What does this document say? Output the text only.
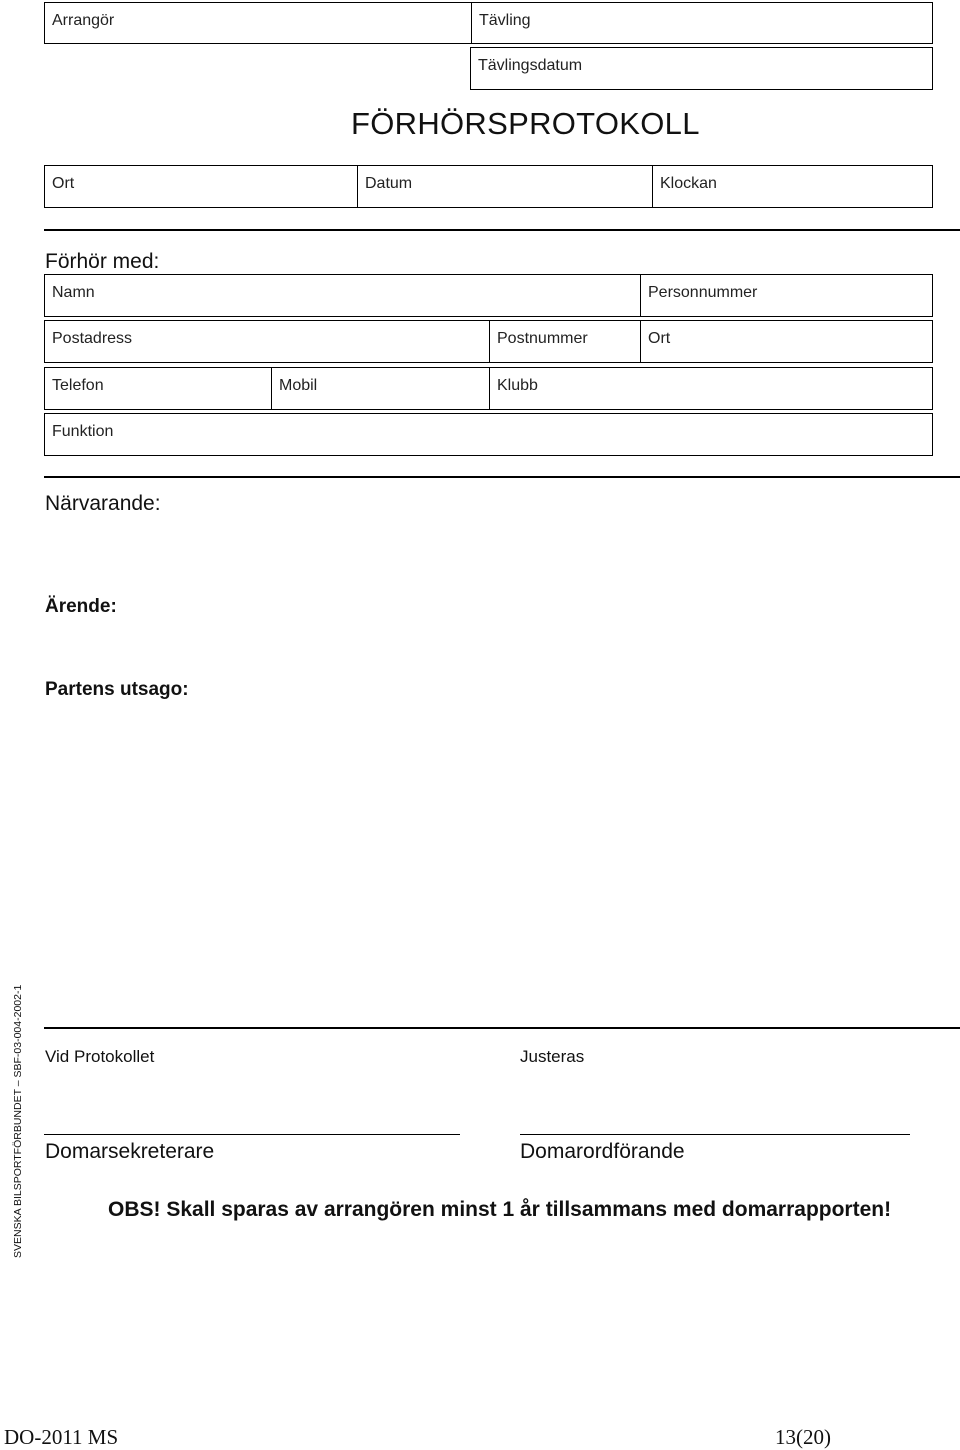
Arrangör	Tävling
Tävlingsdatum
FÖRHÖRSPROTOKOLL
Ort	Datum	Klockan
Förhör med:
Namn	Personnummer
Postadress	Postnummer	Ort
Telefon	Mobil	Klubb
Funktion
Närvarande:
Ärende:
Partens utsago:
SVENSKA BILSPORTFÖRBUNDET – SBF-03-004-2002-1 Vid Protokollet	Justeras
Domarsekreterare	Domarordförande
OBS! Skall sparas av arrangören minst 1 år tillsammans med domarrapporten!
DO-2011 MS	13(20)
